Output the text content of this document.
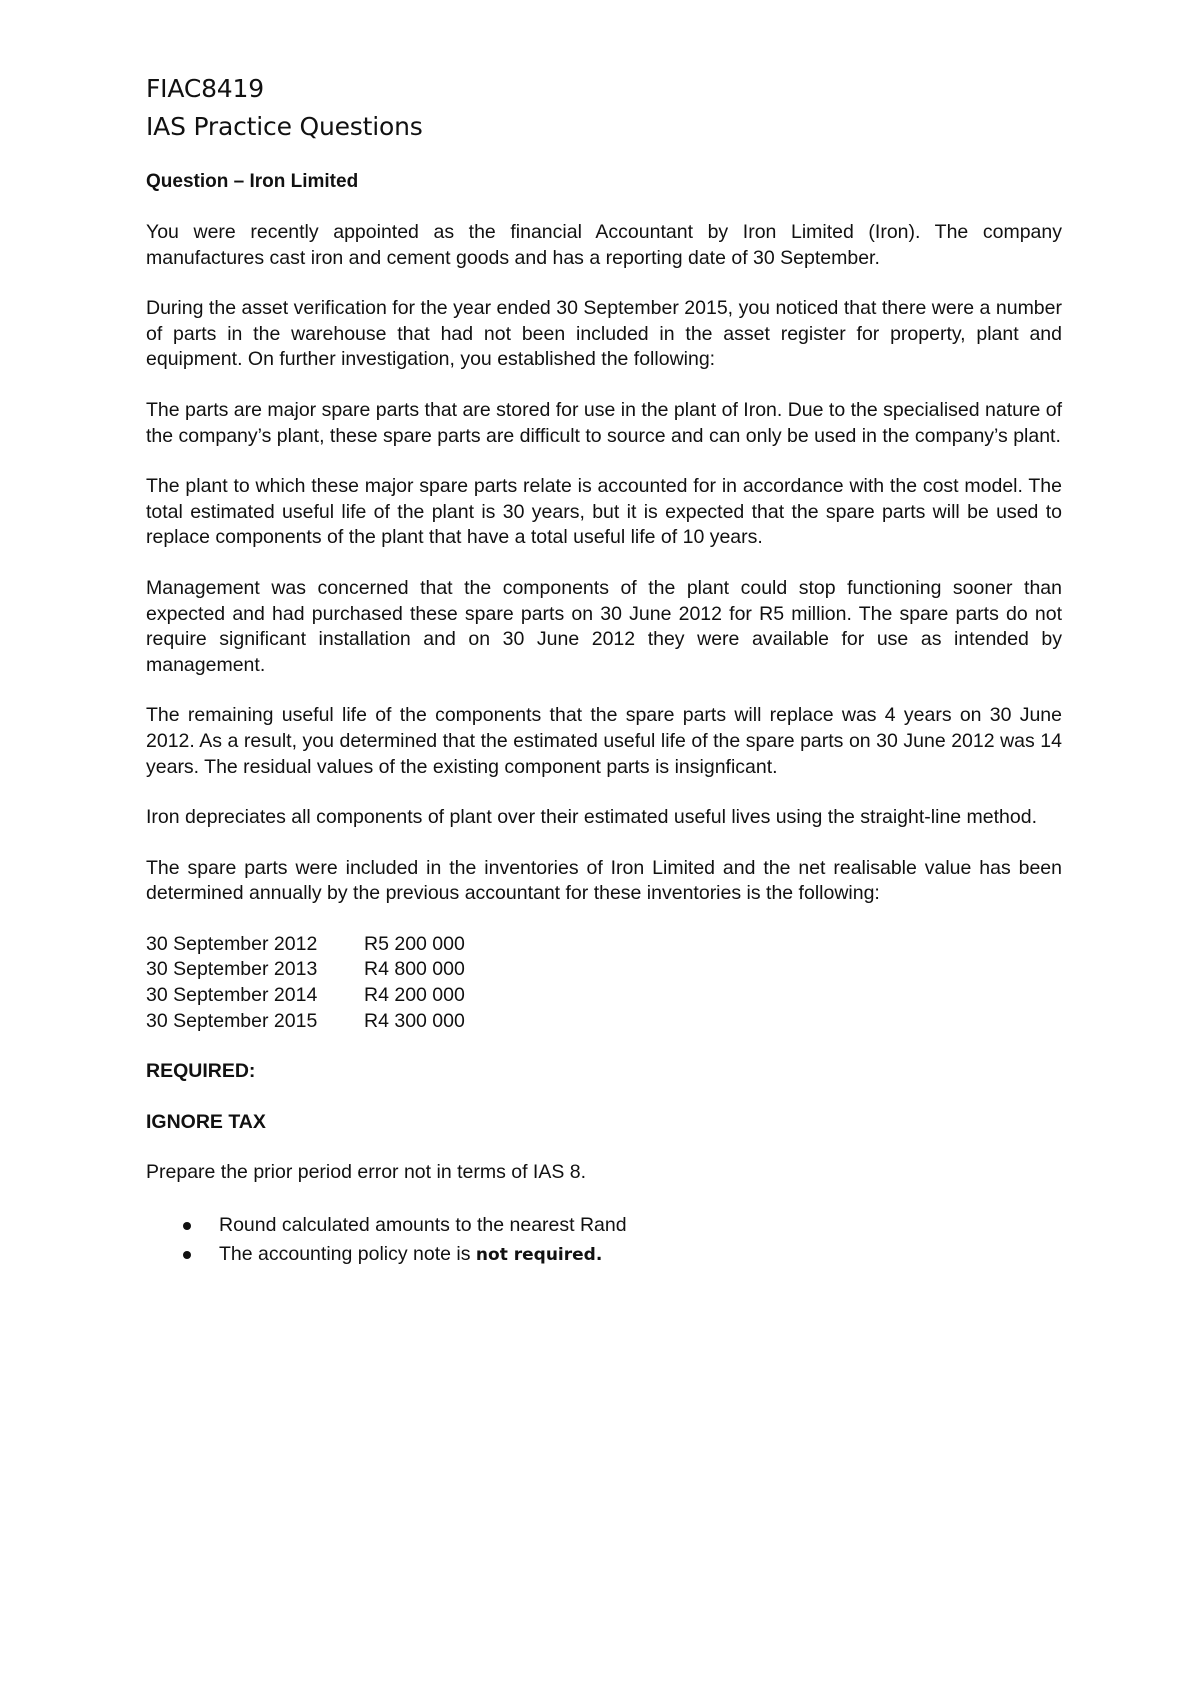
FIAC8419
IAS Practice Questions

Question – Iron Limited

You were recently appointed as the financial Accountant by Iron Limited (Iron). The company manufactures cast iron and cement goods and has a reporting date of 30 September.

During the asset verification for the year ended 30 September 2015, you noticed that there were a number of parts in the warehouse that had not been included in the asset register for property, plant and equipment. On further investigation, you established the following:

The parts are major spare parts that are stored for use in the plant of Iron. Due to the specialised nature of the company’s plant, these spare parts are difficult to source and can only be used in the company’s plant.

The plant to which these major spare parts relate is accounted for in accordance with the cost model. The total estimated useful life of the plant is 30 years, but it is expected that the spare parts will be used to replace components of the plant that have a total useful life of 10 years.

Management was concerned that the components of the plant could stop functioning sooner than expected and had purchased these spare parts on 30 June 2012 for R5 million. The spare parts do not require significant installation and on 30 June 2012 they were available for use as intended by management.

The remaining useful life of the components that the spare parts will replace was 4 years on 30 June 2012. As a result, you determined that the estimated useful life of the spare parts on 30 June 2012 was 14 years. The residual values of the existing component parts is insignficant.

Iron depreciates all components of plant over their estimated useful lives using the straight-line method.

The spare parts were included in the inventories of Iron Limited and the net realisable value has been determined annually by the previous accountant for these inventories is the following:

30 September 2012	R5 200 000
30 September 2013	R4 800 000
30 September 2014	R4 200 000
30 September 2015	R4 300 000

REQUIRED:

IGNORE TAX

Prepare the prior period error not in terms of IAS 8.

Round calculated amounts to the nearest Rand
The accounting policy note is not required.
